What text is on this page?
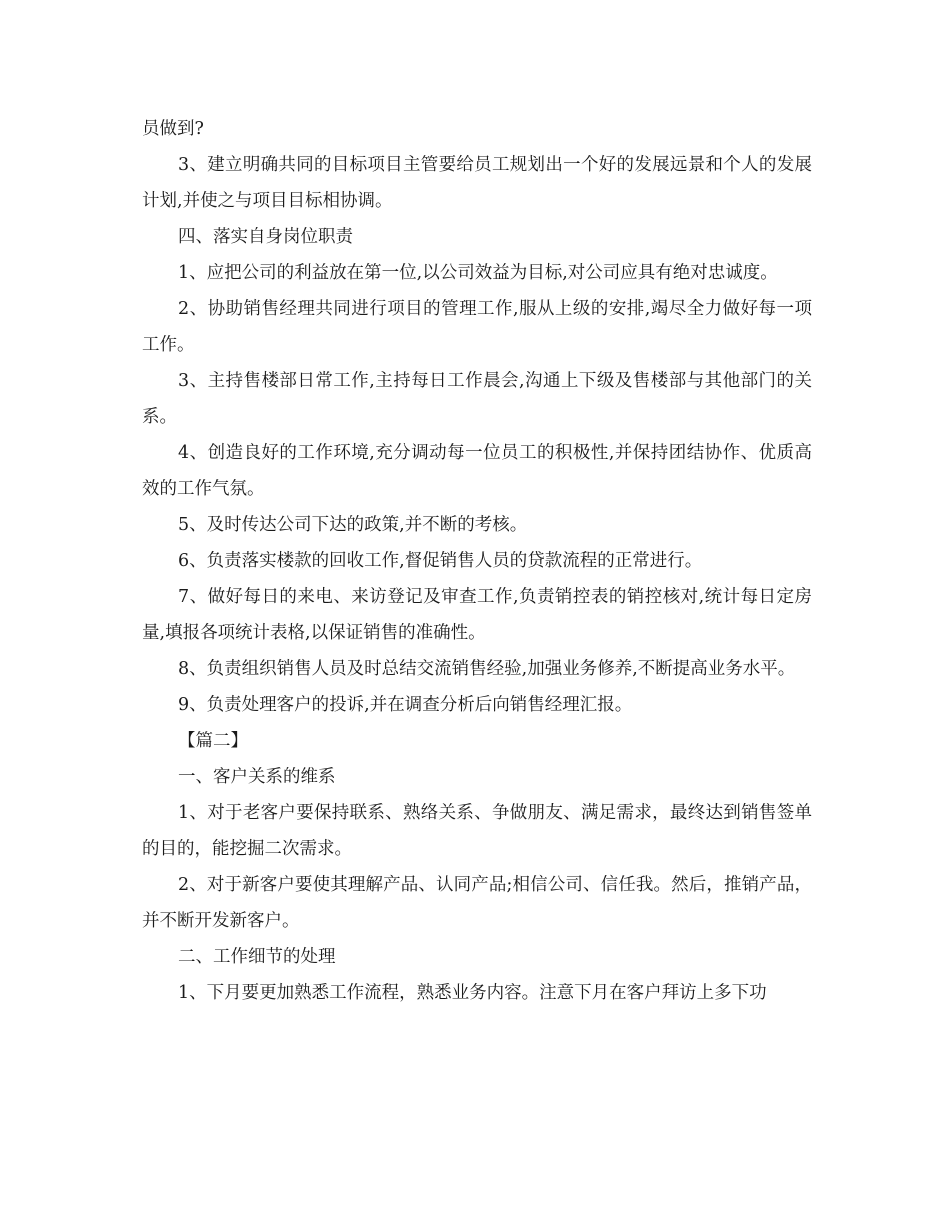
员做到?

3、建立明确共同的目标项目主管要给员工规划出一个好的发展远景和个人的发展计划,并使之与项目目标相协调。

四、落实自身岗位职责

1、应把公司的利益放在第一位,以公司效益为目标,对公司应具有绝对忠诚度。

2、协助销售经理共同进行项目的管理工作,服从上级的安排,竭尽全力做好每一项工作。

3、主持售楼部日常工作,主持每日工作晨会,沟通上下级及售楼部与其他部门的关系。

4、创造良好的工作环境,充分调动每一位员工的积极性,并保持团结协作、优质高效的工作气氛。

5、及时传达公司下达的政策,并不断的考核。

6、负责落实楼款的回收工作,督促销售人员的贷款流程的正常进行。

7、做好每日的来电、来访登记及审查工作,负责销控表的销控核对,统计每日定房量,填报各项统计表格,以保证销售的准确性。

8、负责组织销售人员及时总结交流销售经验,加强业务修养,不断提高业务水平。

9、负责处理客户的投诉,并在调查分析后向销售经理汇报。

【篇二】

一、客户关系的维系

1、对于老客户要保持联系、熟络关系、争做朋友、满足需求，最终达到销售签单的目的，能挖掘二次需求。

2、对于新客户要使其理解产品、认同产品;相信公司、信任我。然后，推销产品，并不断开发新客户。

二、工作细节的处理

1、下月要更加熟悉工作流程，熟悉业务内容。注意下月在客户拜访上多下功
